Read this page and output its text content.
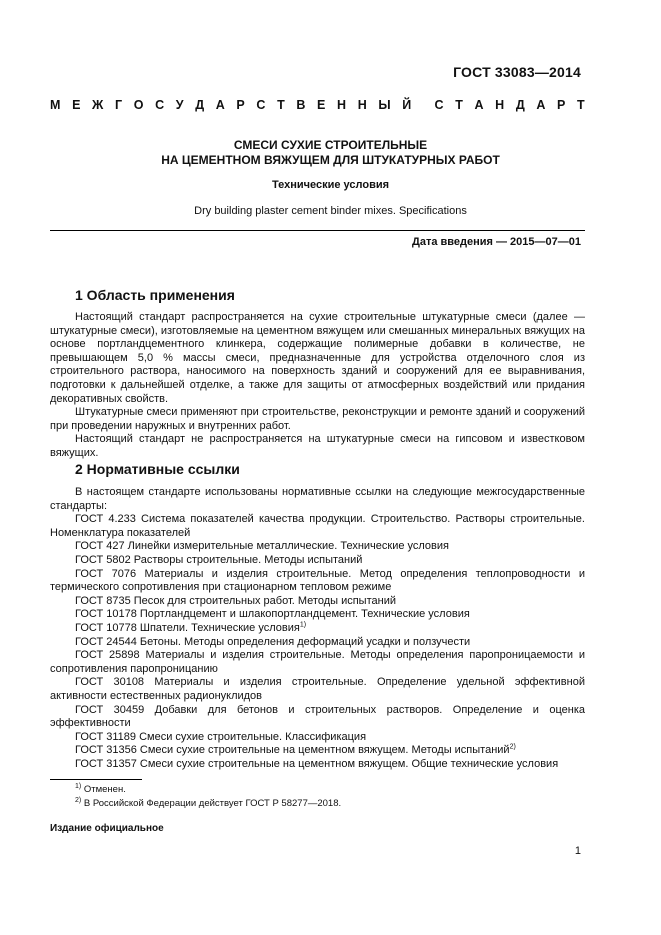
ГОСТ 33083—2014
М Е Ж Г О С У Д А Р С Т В Е Н Н Ы Й С Т А Н Д А Р Т
СМЕСИ СУХИЕ СТРОИТЕЛЬНЫЕ
НА ЦЕМЕНТНОМ ВЯЖУЩЕМ ДЛЯ ШТУКАТУРНЫХ РАБОТ
Технические условия
Dry building plaster cement binder mixes. Specifications
Дата введения — 2015—07—01
1 Область применения

Настоящий стандарт распространяется на сухие строительные штукатурные смеси (далее — штукатурные смеси), изготовляемые на цементном вяжущем или смешанных минеральных вяжущих на основе портландцементного клинкера, содержащие полимерные добавки в количестве, не превышающем 5,0 % массы смеси, предназначенные для устройства отделочного слоя из строительного раствора, наносимого на поверхность зданий и сооружений для ее выравнивания, подготовки к дальнейшей отделке, а также для защиты от атмосферных воздействий или придания декоративных свойств.

Штукатурные смеси применяют при строительстве, реконструкции и ремонте зданий и сооружений при проведении наружных и внутренних работ.

Настоящий стандарт не распространяется на штукатурные смеси на гипсовом и известковом вяжущих.

2 Нормативные ссылки

В настоящем стандарте использованы нормативные ссылки на следующие межгосударственные стандарты:

ГОСТ 4.233 Система показателей качества продукции. Строительство. Растворы строительные. Номенклатура показателей

ГОСТ 427 Линейки измерительные металлические. Технические условия

ГОСТ 5802 Растворы строительные. Методы испытаний

ГОСТ 7076 Материалы и изделия строительные. Метод определения теплопроводности и термического сопротивления при стационарном тепловом режиме

ГОСТ 8735 Песок для строительных работ. Методы испытаний

ГОСТ 10178 Портландцемент и шлакопортландцемент. Технические условия

ГОСТ 10778 Шпатели. Технические условия$^{1)}$

ГОСТ 24544 Бетоны. Методы определения деформаций усадки и ползучести

ГОСТ 25898 Материалы и изделия строительные. Методы определения паропроницаемости и сопротивления паропроницанию

ГОСТ 30108 Материалы и изделия строительные. Определение удельной эффективной активности естественных радионуклидов

ГОСТ 30459 Добавки для бетонов и строительных растворов. Определение и оценка эффективности

ГОСТ 31189 Смеси сухие строительные. Классификация

ГОСТ 31356 Смеси сухие строительные на цементном вяжущем. Методы испытаний$^{2)}$

ГОСТ 31357 Смеси сухие строительные на цементном вяжущем. Общие технические условия

$^{1)}$ Отменен.
$^{2)}$ В Российской Федерации действует ГОСТ Р 58277—2018.
Издание официальное
1
